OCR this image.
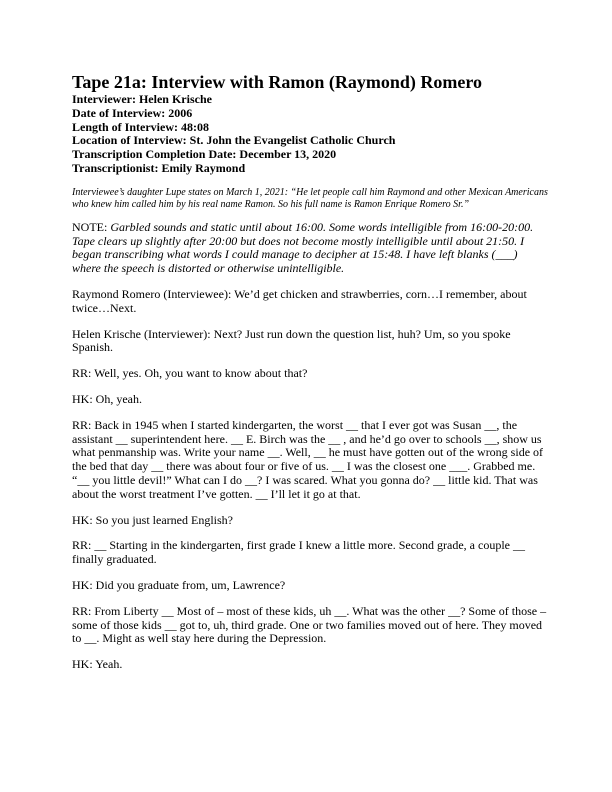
Tape 21a: Interview with Ramon (Raymond) Romero

Interviewer: Helen Krische

Date of Interview: 2006

Length of Interview: 48:08

Location of Interview: St. John the Evangelist Catholic Church

Transcription Completion Date: December 13, 2020

Transcriptionist: Emily Raymond

Interviewee’s daughter Lupe states on March 1, 2021: “He let people call him Raymond and other Mexican Americans who knew him called him by his real name Ramon. So his full name is Ramon Enrique Romero Sr.”

NOTE: Garbled sounds and static until about 16:00. Some words intelligible from 16:00-20:00. Tape clears up slightly after 20:00 but does not become mostly intelligible until about 21:50. I began transcribing what words I could manage to decipher at 15:48. I have left blanks (___) where the speech is distorted or otherwise unintelligible.

Raymond Romero (Interviewee): We’d get chicken and strawberries, corn…I remember, about twice…Next.

Helen Krische (Interviewer): Next? Just run down the question list, huh? Um, so you spoke Spanish.

RR: Well, yes. Oh, you want to know about that?

HK: Oh, yeah.

RR: Back in 1945 when I started kindergarten, the worst __ that I ever got was Susan __, the assistant __ superintendent here. __ E. Birch was the __ , and he’d go over to schools __, show us what penmanship was. Write your name __. Well, __ he must have gotten out of the wrong side of the bed that day __ there was about four or five of us. __ I was the closest one ___. Grabbed me. “__ you little devil!” What can I do __? I was scared. What you gonna do? __ little kid. That was about the worst treatment I’ve gotten. __ I’ll let it go at that.

HK: So you just learned English?

RR: __ Starting in the kindergarten, first grade I knew a little more. Second grade, a couple __ finally graduated.

HK: Did you graduate from, um, Lawrence?

RR: From Liberty __ Most of – most of these kids, uh __. What was the other __? Some of those – some of those kids __ got to, uh, third grade. One or two families moved out of here. They moved to __. Might as well stay here during the Depression.

HK: Yeah.
